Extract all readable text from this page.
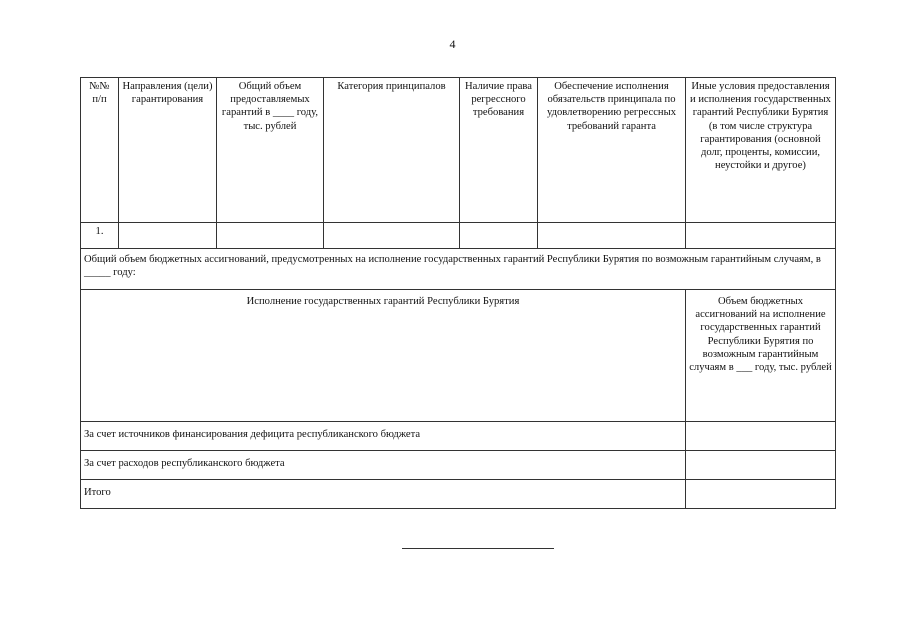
4
№№ п/п	Направления (цели) гарантирования	Общий объем предоставляемых гарантий в ____ году, тыс. рублей	Категория принципалов	Наличие права регрессного требования	Обеспечение исполнения обязательств принципала по удовлетворению регрессных требований гаранта	Иные условия предоставления и исполнения государственных гарантий Республики Бурятия (в том числе структура гарантирования (основной долг, проценты, комиссии, неустойки и другое)
1.						
Общий объем бюджетных ассигнований, предусмотренных на исполнение государственных гарантий Республики Бурятия по возможным гарантийным случаям, в _____ году:						
Исполнение государственных гарантий Республики Бурятия						Объем бюджетных ассигнований на исполнение государственных гарантий Республики Бурятия по возможным гарантийным случаям в ___ году, тыс. рублей
За счет источников финансирования дефицита республиканского бюджета						
За счет расходов республиканского бюджета						
Итого						
